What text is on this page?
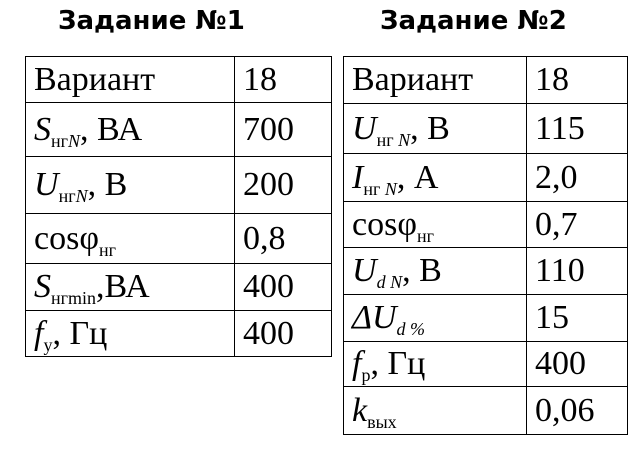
Задание №1	Задание №2
Вариант	18
$S_{нгN}$, ВА	700
$U_{нгN}$, В	200
cosφ$_{нг}$	0,8
$S_{нгmin},ВА$	400
$f_у$, Гц	400
Вариант	18
$U_{нг N}$, В	115
$I_{нг N}$, А	2,0
cosφ$_{нг}$	0,7
$U_{d N}$, В	110
$\Delta U_{d \%}$	15
$f_р$, Гц	400
$k_{вых}$	0,06
